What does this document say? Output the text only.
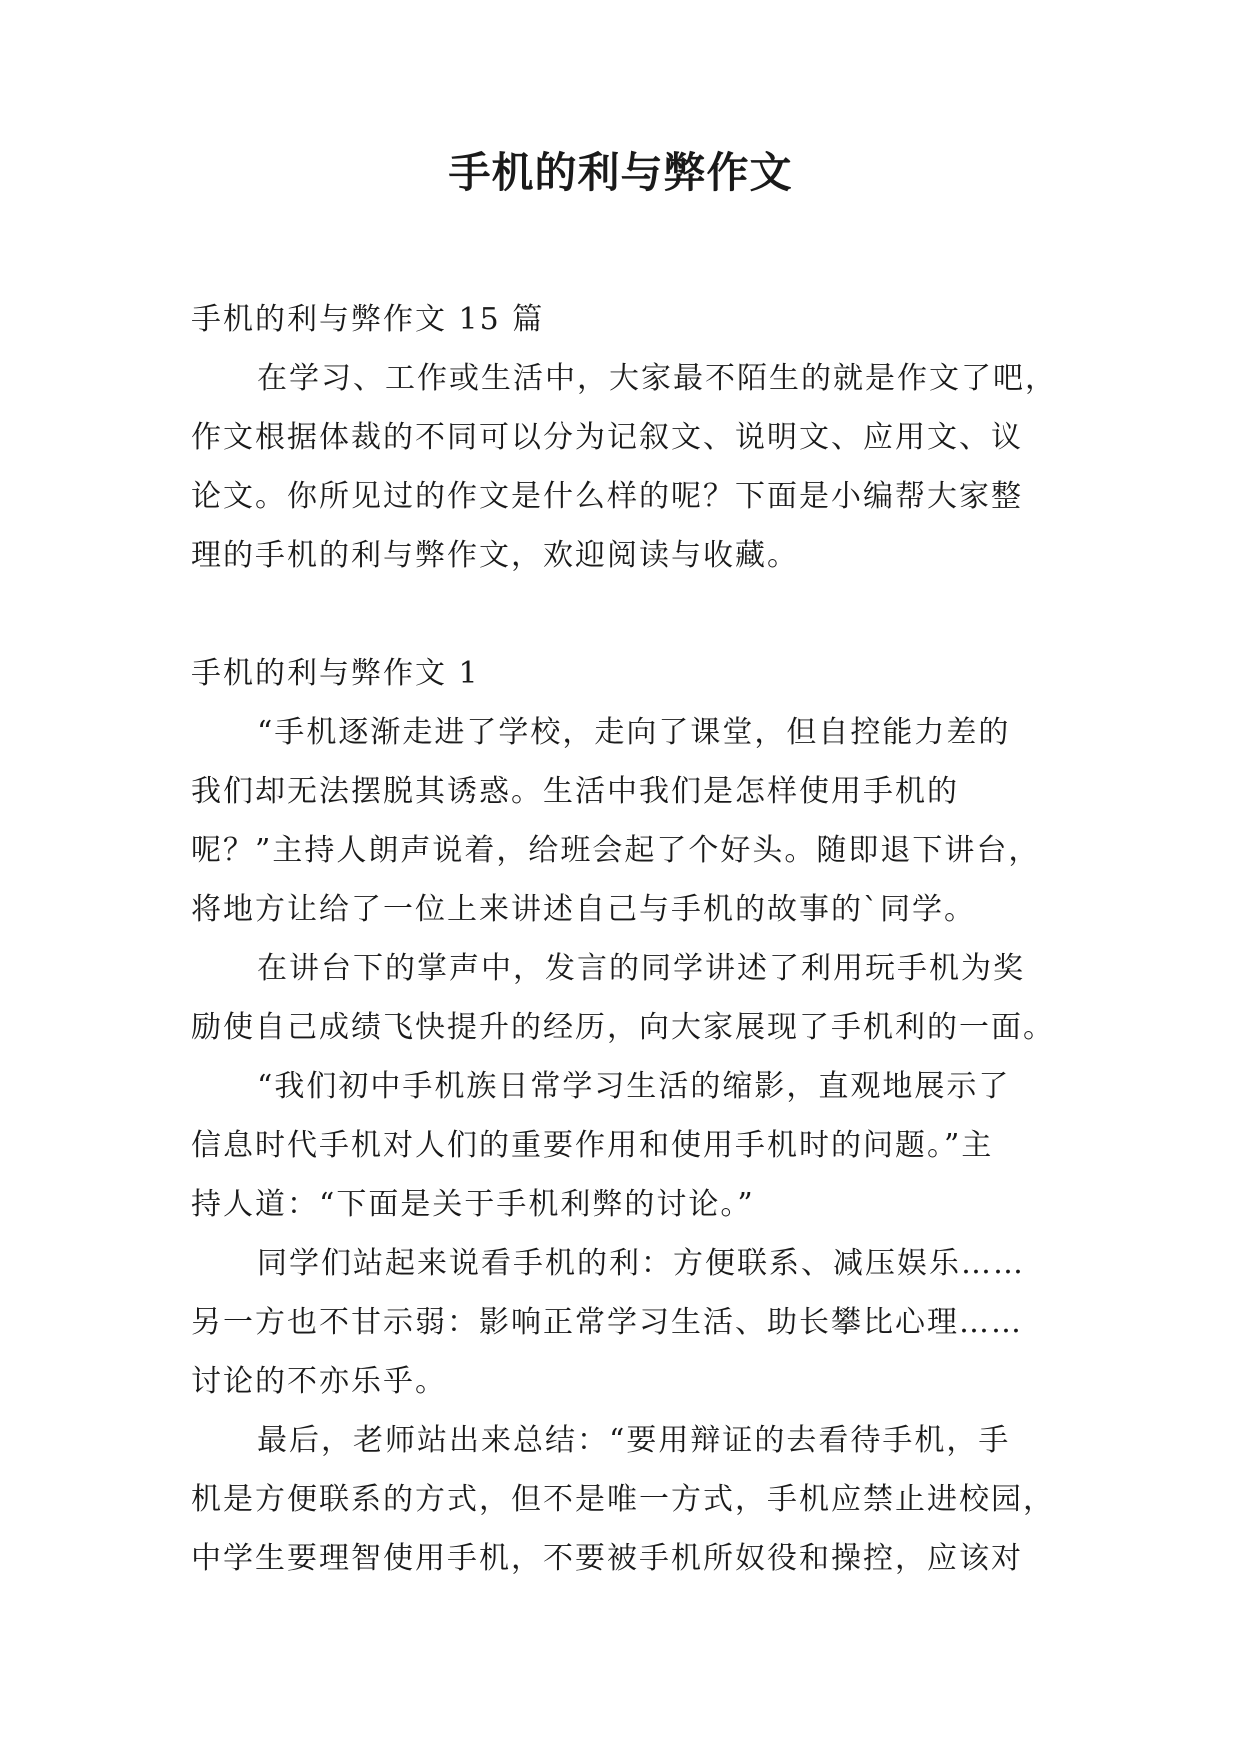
手机的利与弊作文
手机的利与弊作文 15 篇
在学习、工作或生活中，大家最不陌生的就是作文了吧，
作文根据体裁的不同可以分为记叙文、说明文、应用文、议
论文。你所见过的作文是什么样的呢？下面是小编帮大家整
理的手机的利与弊作文，欢迎阅读与收藏。
手机的利与弊作文 1
“手机逐渐走进了学校，走向了课堂，但自控能力差的
我们却无法摆脱其诱惑。生活中我们是怎样使用手机的
呢？”主持人朗声说着，给班会起了个好头。随即退下讲台，
将地方让给了一位上来讲述自己与手机的故事的`同学。
在讲台下的掌声中，发言的同学讲述了利用玩手机为奖
励使自己成绩飞快提升的经历，向大家展现了手机利的一面。
“我们初中手机族日常学习生活的缩影，直观地展示了
信息时代手机对人们的重要作用和使用手机时的问题。”主
持人道：“下面是关于手机利弊的讨论。”
同学们站起来说看手机的利：方便联系、减压娱乐……
另一方也不甘示弱：影响正常学习生活、助长攀比心理……
讨论的不亦乐乎。
最后，老师站出来总结：“要用辩证的去看待手机，手
机是方便联系的方式，但不是唯一方式，手机应禁止进校园，
中学生要理智使用手机，不要被手机所奴役和操控，应该对
